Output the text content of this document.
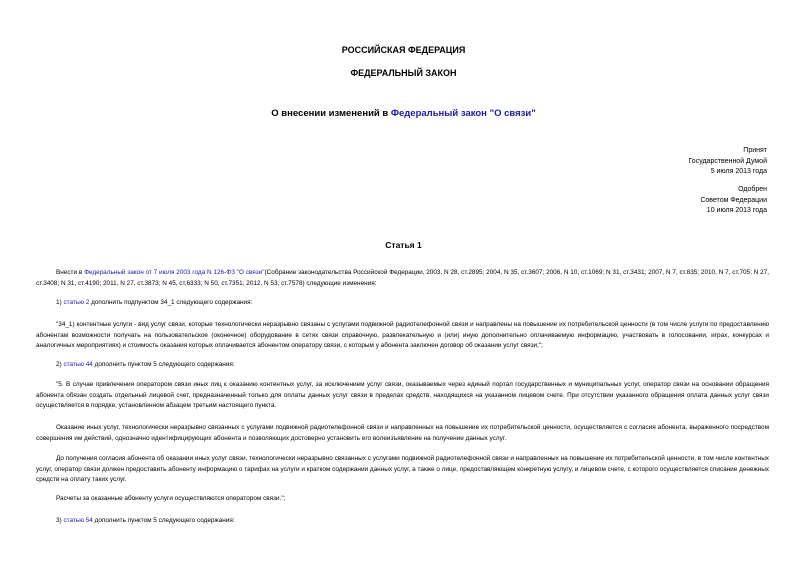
РОССИЙСКАЯ ФЕДЕРАЦИЯ
ФЕДЕРАЛЬНЫЙ ЗАКОН
О внесении изменений в Федеральный закон "О связи"
Принят
Государственной Думой
5 июля 2013 года
Одобрен
Советом Федерации
10 июля 2013 года
Статья 1

Внести в Федеральный закон от 7 июля 2003 года N 126-ФЗ "О связи"(Собрание законодательства Российской Федерации, 2003, N 28, ст.2895; 2004, N 35, ст.3607; 2006, N 10, ст.1069; N 31, ст.3431; 2007, N 7, ст.835; 2010, N 7, ст.705; N 27, ст.3408; N 31, ст.4190; 2011, N 27, ст.3873; N 45, ст.6333; N 50, ст.7351; 2012, N 53, ст.7578) следующие изменения:

1) статью 2 дополнить подпунктом 34_1 следующего содержания:

"34_1) контентные услуги - вид услуг связи, которые технологически неразрывно связаны с услугами подвижной радиотелефонной связи и направлены на повышение их потребительской ценности (в том числе услуги по предоставлению абонентам возможности получать на пользовательское (оконечное) оборудование в сетях связи справочную, развлекательную и (или) иную дополнительно оплачиваемую информацию, участвовать в голосовании, играх, конкурсах и аналогичных мероприятиях) и стоимость оказания которых оплачивается абонентом оператору связи, с которым у абонента заключен договор об оказании услуг связи;";

2) статью 44 дополнить пунктом 5 следующего содержания:

"5. В случае привлечения оператором связи иных лиц к оказанию контентных услуг, за исключением услуг связи, оказываемых через единый портал государственных и муниципальных услуг, оператор связи на основании обращения абонента обязан создать отдельный лицевой счет, предназначенный только для оплаты данных услуг связи в пределах средств, находящихся на указанном лицевом счете. При отсутствии указанного обращения оплата данных услуг связи осуществляется в порядке, установленном абзацем третьим настоящего пункта.

Оказание иных услуг, технологически неразрывно связанных с услугами подвижной радиотелефонной связи и направленных на повышение их потребительской ценности, осуществляется с согласия абонента, выраженного посредством совершения им действий, однозначно идентифицирующих абонента и позволяющих достоверно установить его волеизъявление на получение данных услуг.

До получения согласия абонента об оказании иных услуг связи, технологически неразрывно связанных с услугами подвижной радиотелефонной связи и направленных на повышение их потребительской ценности, в том числе контентных услуг, оператор связи должен предоставить абоненту информацию о тарифах на услуги и кратком содержании данных услуг, а также о лице, предоставляющем конкретную услугу, и лицевом счете, с которого осуществляется списание денежных средств на оплату таких услуг.

Расчеты за оказанные абоненту услуги осуществляются оператором связи.";

3) статью 54 дополнить пунктом 5 следующего содержания:
